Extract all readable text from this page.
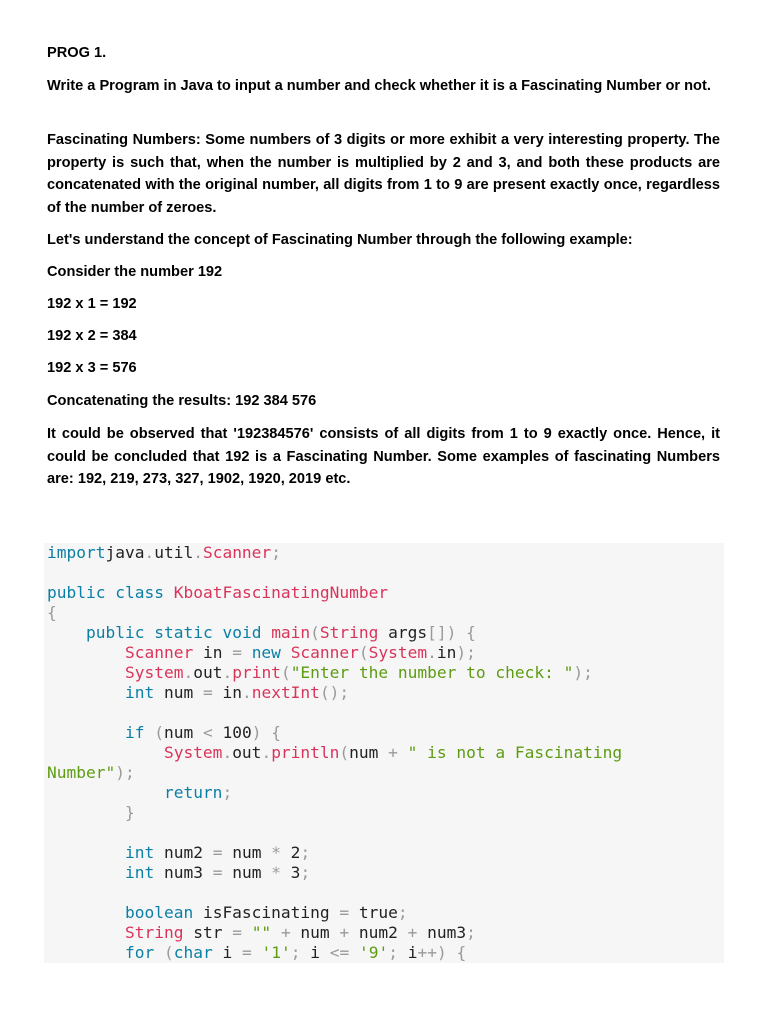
PROG 1.
Write a Program in Java to input a number and check whether it is a Fascinating Number or not.
Fascinating Numbers: Some numbers of 3 digits or more exhibit a very interesting property. The property is such that, when the number is multiplied by 2 and 3, and both these products are concatenated with the original number, all digits from 1 to 9 are present exactly once, regardless of the number of zeroes.
Let's understand the concept of Fascinating Number through the following example:
Consider the number 192
192 x 1 = 192
192 x 2 = 384
192 x 3 = 576
Concatenating the results: 192 384 576
It could be observed that '192384576' consists of all digits from 1 to 9 exactly once. Hence, it could be concluded that 192 is a Fascinating Number. Some examples of fascinating Numbers are: 192, 219, 273, 327, 1902, 1920, 2019 etc.
importjava.util.Scanner;
public class KboatFascinatingNumber
{
public static void main(String args[]) {
Scanner in = new Scanner(System.in);
System.out.print("Enter the number to check: ");
int num = in.nextInt();
if (num < 100) {
System.out.println(num + " is not a Fascinating
Number");
return;
}
int num2 = num * 2;
int num3 = num * 3;
boolean isFascinating = true;
String str = "" + num + num2 + num3;
for (char i = '1'; i <= '9'; i++) {
